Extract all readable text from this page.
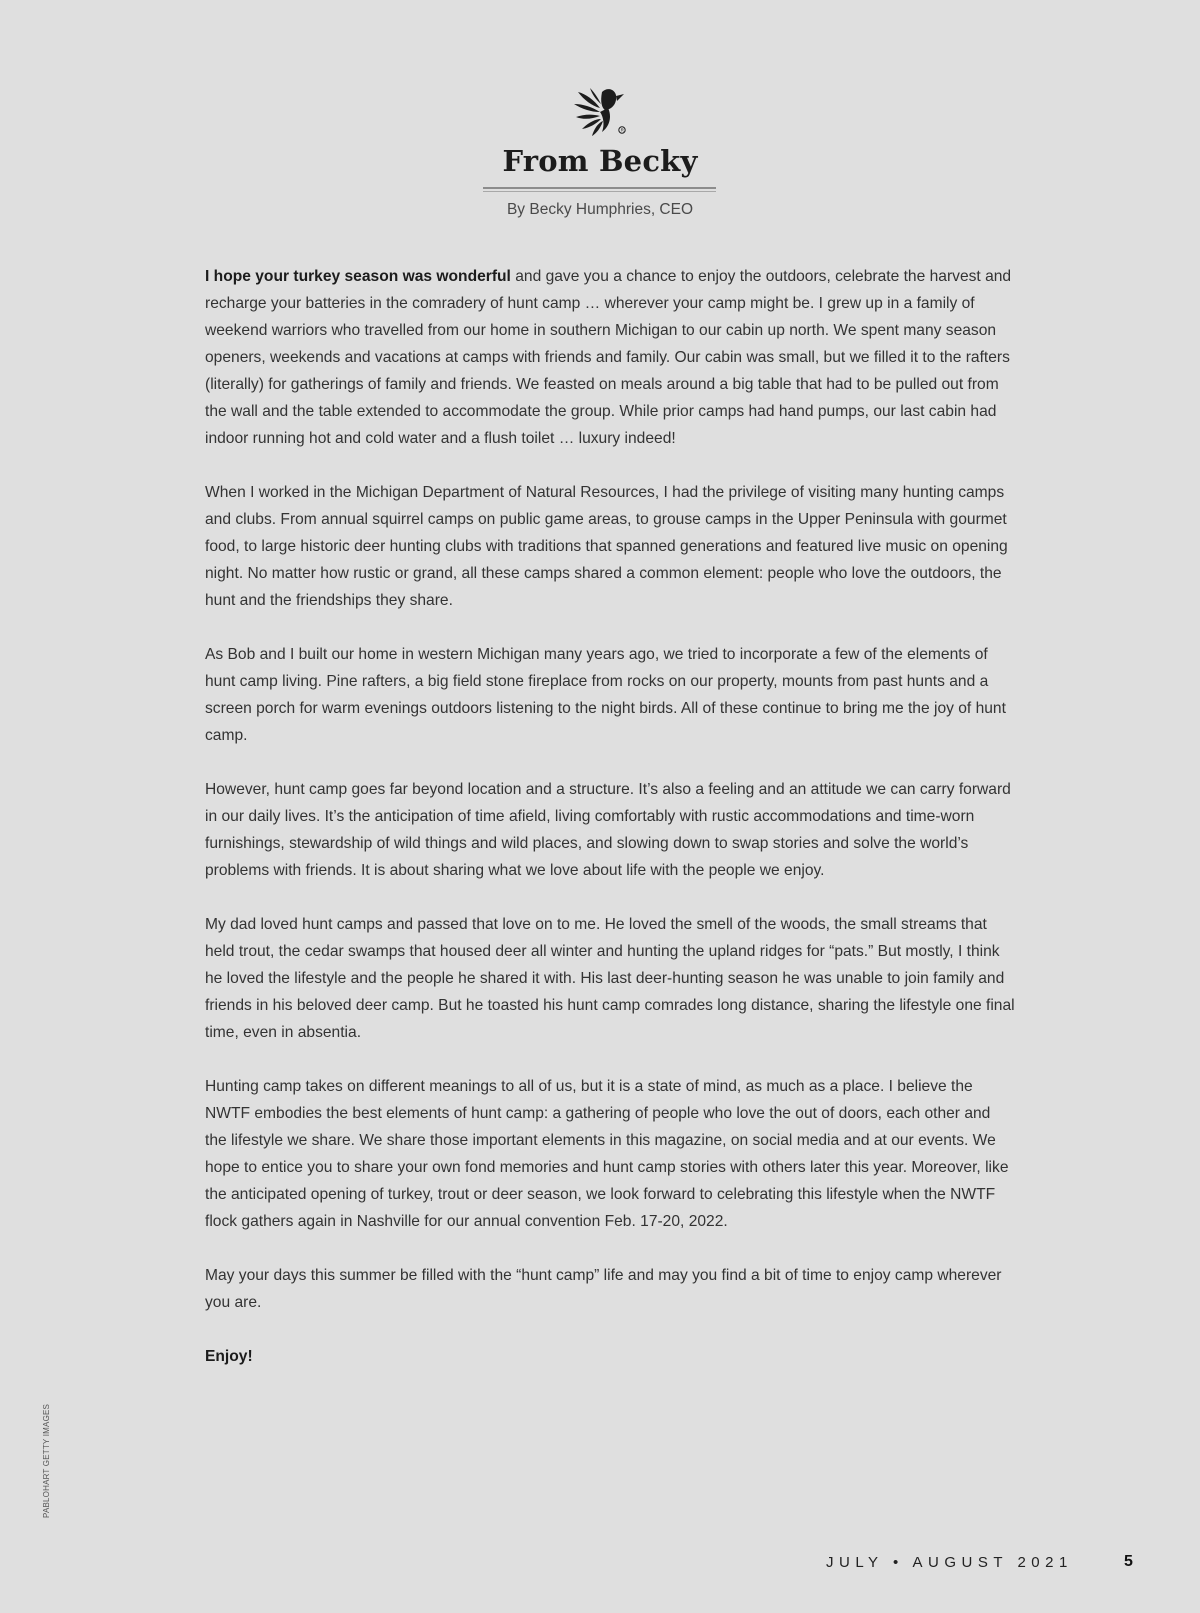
R
From Becky
By Becky Humphries, CEO

I hope your turkey season was wonderful and gave you a chance to enjoy the outdoors, celebrate the harvest and recharge your batteries in the comradery of hunt camp … wherever your camp might be. I grew up in a family of weekend warriors who travelled from our home in southern Michigan to our cabin up north. We spent many season openers, weekends and vacations at camps with friends and family. Our cabin was small, but we filled it to the rafters (literally) for gatherings of family and friends. We feasted on meals around a big table that had to be pulled out from the wall and the table extended to accommodate the group. While prior camps had hand pumps, our last cabin had indoor running hot and cold water and a flush toilet … luxury indeed!

When I worked in the Michigan Department of Natural Resources, I had the privilege of visiting many hunting camps and clubs. From annual squirrel camps on public game areas, to grouse camps in the Upper Peninsula with gourmet food, to large historic deer hunting clubs with traditions that spanned generations and featured live music on opening night. No matter how rustic or grand, all these camps shared a common element: people who love the outdoors, the hunt and the friendships they share.

As Bob and I built our home in western Michigan many years ago, we tried to incorporate a few of the elements of hunt camp living. Pine rafters, a big field stone fireplace from rocks on our property, mounts from past hunts and a screen porch for warm evenings outdoors listening to the night birds. All of these continue to bring me the joy of hunt camp.

However, hunt camp goes far beyond location and a structure. It’s also a feeling and an attitude we can carry forward in our daily lives. It’s the anticipation of time afield, living comfortably with rustic accommodations and time-worn furnishings, stewardship of wild things and wild places, and slowing down to swap stories and solve the world’s problems with friends. It is about sharing what we love about life with the people we enjoy.

My dad loved hunt camps and passed that love on to me. He loved the smell of the woods, the small streams that held trout, the cedar swamps that housed deer all winter and hunting the upland ridges for “pats.” But mostly, I think he loved the lifestyle and the people he shared it with. His last deer-hunting season he was unable to join family and friends in his beloved deer camp. But he toasted his hunt camp comrades long distance, sharing the lifestyle one final time, even in absentia.

Hunting camp takes on different meanings to all of us, but it is a state of mind, as much as a place. I believe the NWTF embodies the best elements of hunt camp: a gathering of people who love the out of doors, each other and the lifestyle we share. We share those important elements in this magazine, on social media and at our events. We hope to entice you to share your own fond memories and hunt camp stories with others later this year. Moreover, like the anticipated opening of turkey, trout or deer season, we look forward to celebrating this lifestyle when the NWTF flock gathers again in Nashville for our annual convention Feb. 17-20, 2022.

May your days this summer be filled with the “hunt camp” life and may you find a bit of time to enjoy camp wherever you are.

Enjoy!

PABLOHART GETTY IMAGES
JULY • AUGUST 2021	5
